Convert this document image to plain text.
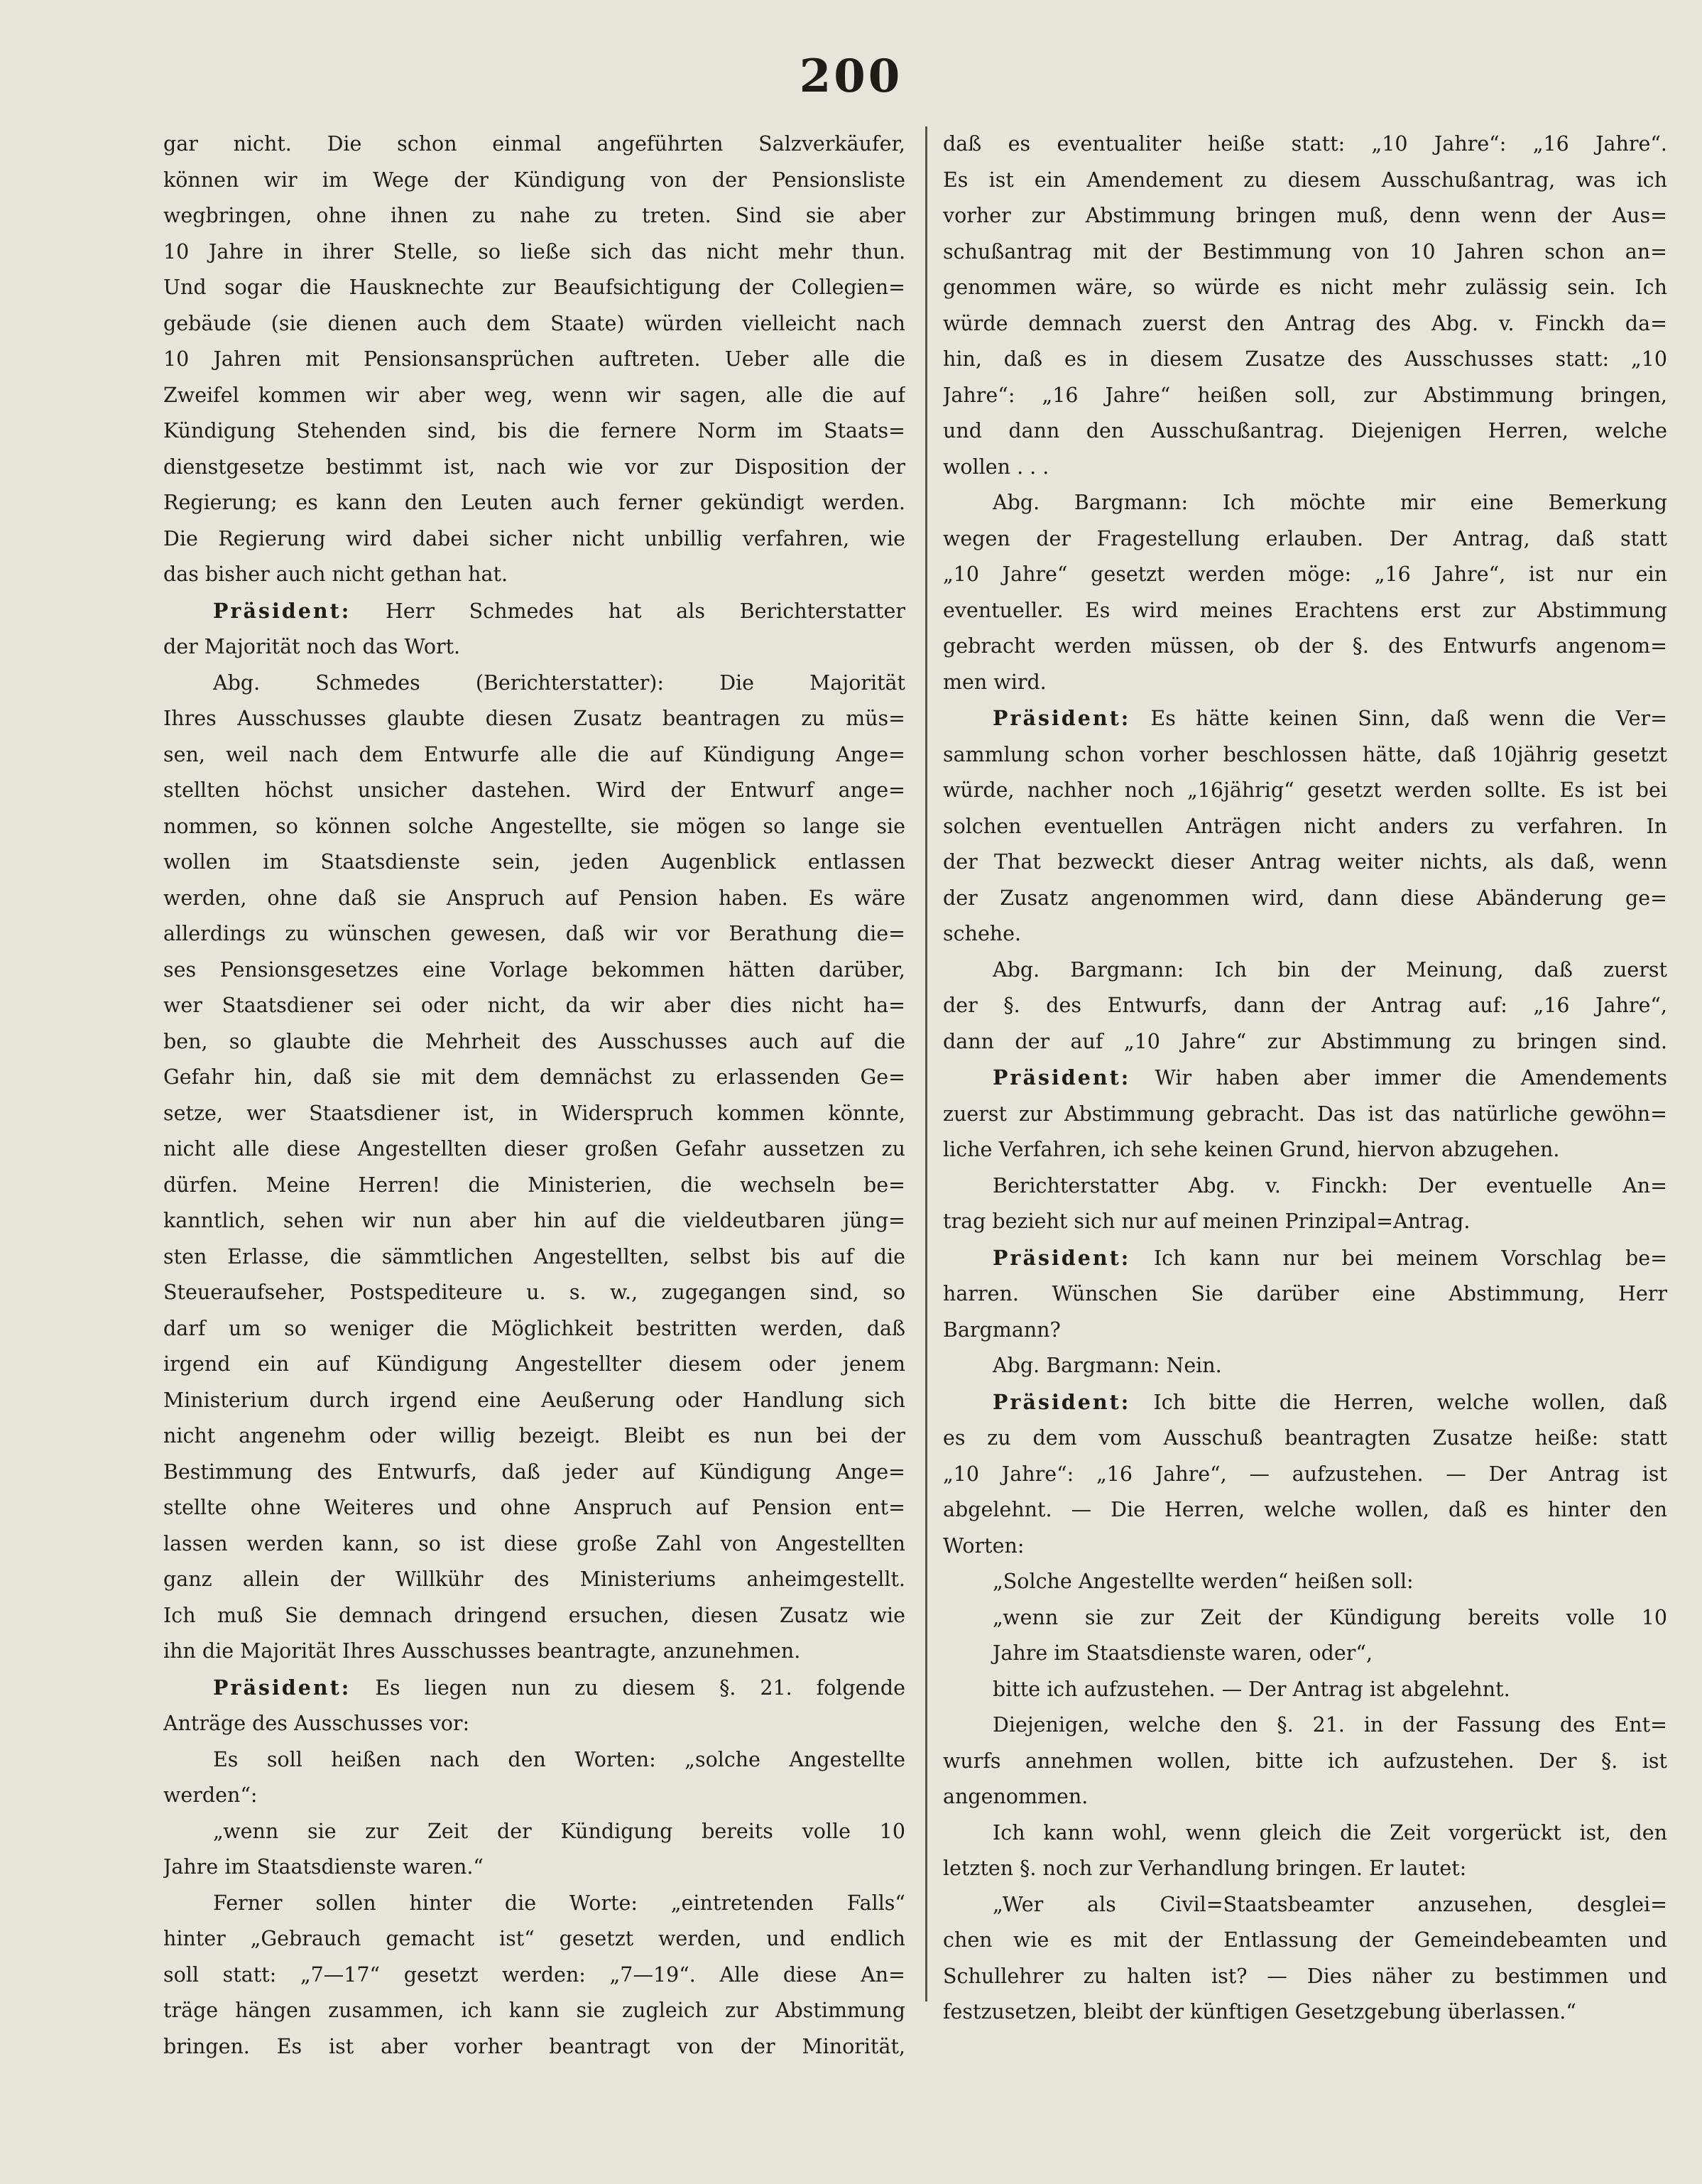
200
gar nicht. Die schon einmal angeführten Salzverkäufer,
können wir im Wege der Kündigung von der Pensionsliste
wegbringen, ohne ihnen zu nahe zu treten. Sind sie aber
10 Jahre in ihrer Stelle, so ließe sich das nicht mehr thun.
Und sogar die Hausknechte zur Beaufsichtigung der Collegien=
gebäude (sie dienen auch dem Staate) würden vielleicht nach
10 Jahren mit Pensionsansprüchen auftreten. Ueber alle die
Zweifel kommen wir aber weg, wenn wir sagen, alle die auf
Kündigung Stehenden sind, bis die fernere Norm im Staats=
dienstgesetze bestimmt ist, nach wie vor zur Disposition der
Regierung; es kann den Leuten auch ferner gekündigt werden.
Die Regierung wird dabei sicher nicht unbillig verfahren, wie
das bisher auch nicht gethan hat.
Präsident: Herr Schmedes hat als Berichterstatter
der Majorität noch das Wort.
Abg. Schmedes (Berichterstatter): Die Majorität
Ihres Ausschusses glaubte diesen Zusatz beantragen zu müs=
sen, weil nach dem Entwurfe alle die auf Kündigung Ange=
stellten höchst unsicher dastehen. Wird der Entwurf ange=
nommen, so können solche Angestellte, sie mögen so lange sie
wollen im Staatsdienste sein, jeden Augenblick entlassen
werden, ohne daß sie Anspruch auf Pension haben. Es wäre
allerdings zu wünschen gewesen, daß wir vor Berathung die=
ses Pensionsgesetzes eine Vorlage bekommen hätten darüber,
wer Staatsdiener sei oder nicht, da wir aber dies nicht ha=
ben, so glaubte die Mehrheit des Ausschusses auch auf die
Gefahr hin, daß sie mit dem demnächst zu erlassenden Ge=
setze, wer Staatsdiener ist, in Widerspruch kommen könnte,
nicht alle diese Angestellten dieser großen Gefahr aussetzen zu
dürfen. Meine Herren! die Ministerien, die wechseln be=
kanntlich, sehen wir nun aber hin auf die vieldeutbaren jüng=
sten Erlasse, die sämmtlichen Angestellten, selbst bis auf die
Steueraufseher, Postspediteure u. s. w., zugegangen sind, so
darf um so weniger die Möglichkeit bestritten werden, daß
irgend ein auf Kündigung Angestellter diesem oder jenem
Ministerium durch irgend eine Aeußerung oder Handlung sich
nicht angenehm oder willig bezeigt. Bleibt es nun bei der
Bestimmung des Entwurfs, daß jeder auf Kündigung Ange=
stellte ohne Weiteres und ohne Anspruch auf Pension ent=
lassen werden kann, so ist diese große Zahl von Angestellten
ganz allein der Willkühr des Ministeriums anheimgestellt.
Ich muß Sie demnach dringend ersuchen, diesen Zusatz wie
ihn die Majorität Ihres Ausschusses beantragte, anzunehmen.
Präsident: Es liegen nun zu diesem §. 21. folgende
Anträge des Ausschusses vor:
Es soll heißen nach den Worten: „solche Angestellte
werden“:
„wenn sie zur Zeit der Kündigung bereits volle 10
Jahre im Staatsdienste waren.“
Ferner sollen hinter die Worte: „eintretenden Falls“
hinter „Gebrauch gemacht ist“ gesetzt werden, und endlich
soll statt: „7—17“ gesetzt werden: „7—19“. Alle diese An=
träge hängen zusammen, ich kann sie zugleich zur Abstimmung
bringen. Es ist aber vorher beantragt von der Minorität,
daß es eventualiter heiße statt: „10 Jahre“: „16 Jahre“.
Es ist ein Amendement zu diesem Ausschußantrag, was ich
vorher zur Abstimmung bringen muß, denn wenn der Aus=
schußantrag mit der Bestimmung von 10 Jahren schon an=
genommen wäre, so würde es nicht mehr zulässig sein. Ich
würde demnach zuerst den Antrag des Abg. v. Finckh da=
hin, daß es in diesem Zusatze des Ausschusses statt: „10
Jahre“: „16 Jahre“ heißen soll, zur Abstimmung bringen,
und dann den Ausschußantrag. Diejenigen Herren, welche
wollen . . .
Abg. Bargmann: Ich möchte mir eine Bemerkung
wegen der Fragestellung erlauben. Der Antrag, daß statt
„10 Jahre“ gesetzt werden möge: „16 Jahre“, ist nur ein
eventueller. Es wird meines Erachtens erst zur Abstimmung
gebracht werden müssen, ob der §. des Entwurfs angenom=
men wird.
Präsident: Es hätte keinen Sinn, daß wenn die Ver=
sammlung schon vorher beschlossen hätte, daß 10jährig gesetzt
würde, nachher noch „16jährig“ gesetzt werden sollte. Es ist bei
solchen eventuellen Anträgen nicht anders zu verfahren. In
der That bezweckt dieser Antrag weiter nichts, als daß, wenn
der Zusatz angenommen wird, dann diese Abänderung ge=
schehe.
Abg. Bargmann: Ich bin der Meinung, daß zuerst
der §. des Entwurfs, dann der Antrag auf: „16 Jahre“,
dann der auf „10 Jahre“ zur Abstimmung zu bringen sind.
Präsident: Wir haben aber immer die Amendements
zuerst zur Abstimmung gebracht. Das ist das natürliche gewöhn=
liche Verfahren, ich sehe keinen Grund, hiervon abzugehen.
Berichterstatter Abg. v. Finckh: Der eventuelle An=
trag bezieht sich nur auf meinen Prinzipal=Antrag.
Präsident: Ich kann nur bei meinem Vorschlag be=
harren. Wünschen Sie darüber eine Abstimmung, Herr
Bargmann?
Abg. Bargmann: Nein.
Präsident: Ich bitte die Herren, welche wollen, daß
es zu dem vom Ausschuß beantragten Zusatze heiße: statt
„10 Jahre“: „16 Jahre“, — aufzustehen. — Der Antrag ist
abgelehnt. — Die Herren, welche wollen, daß es hinter den
Worten:
„Solche Angestellte werden“ heißen soll:
„wenn sie zur Zeit der Kündigung bereits volle 10
Jahre im Staatsdienste waren, oder“,
bitte ich aufzustehen. — Der Antrag ist abgelehnt.
Diejenigen, welche den §. 21. in der Fassung des Ent=
wurfs annehmen wollen, bitte ich aufzustehen. Der §. ist
angenommen.
Ich kann wohl, wenn gleich die Zeit vorgerückt ist, den
letzten §. noch zur Verhandlung bringen. Er lautet:
„Wer als Civil=Staatsbeamter anzusehen, desglei=
chen wie es mit der Entlassung der Gemeindebeamten und
Schullehrer zu halten ist? — Dies näher zu bestimmen und
festzusetzen, bleibt der künftigen Gesetzgebung überlassen.“
